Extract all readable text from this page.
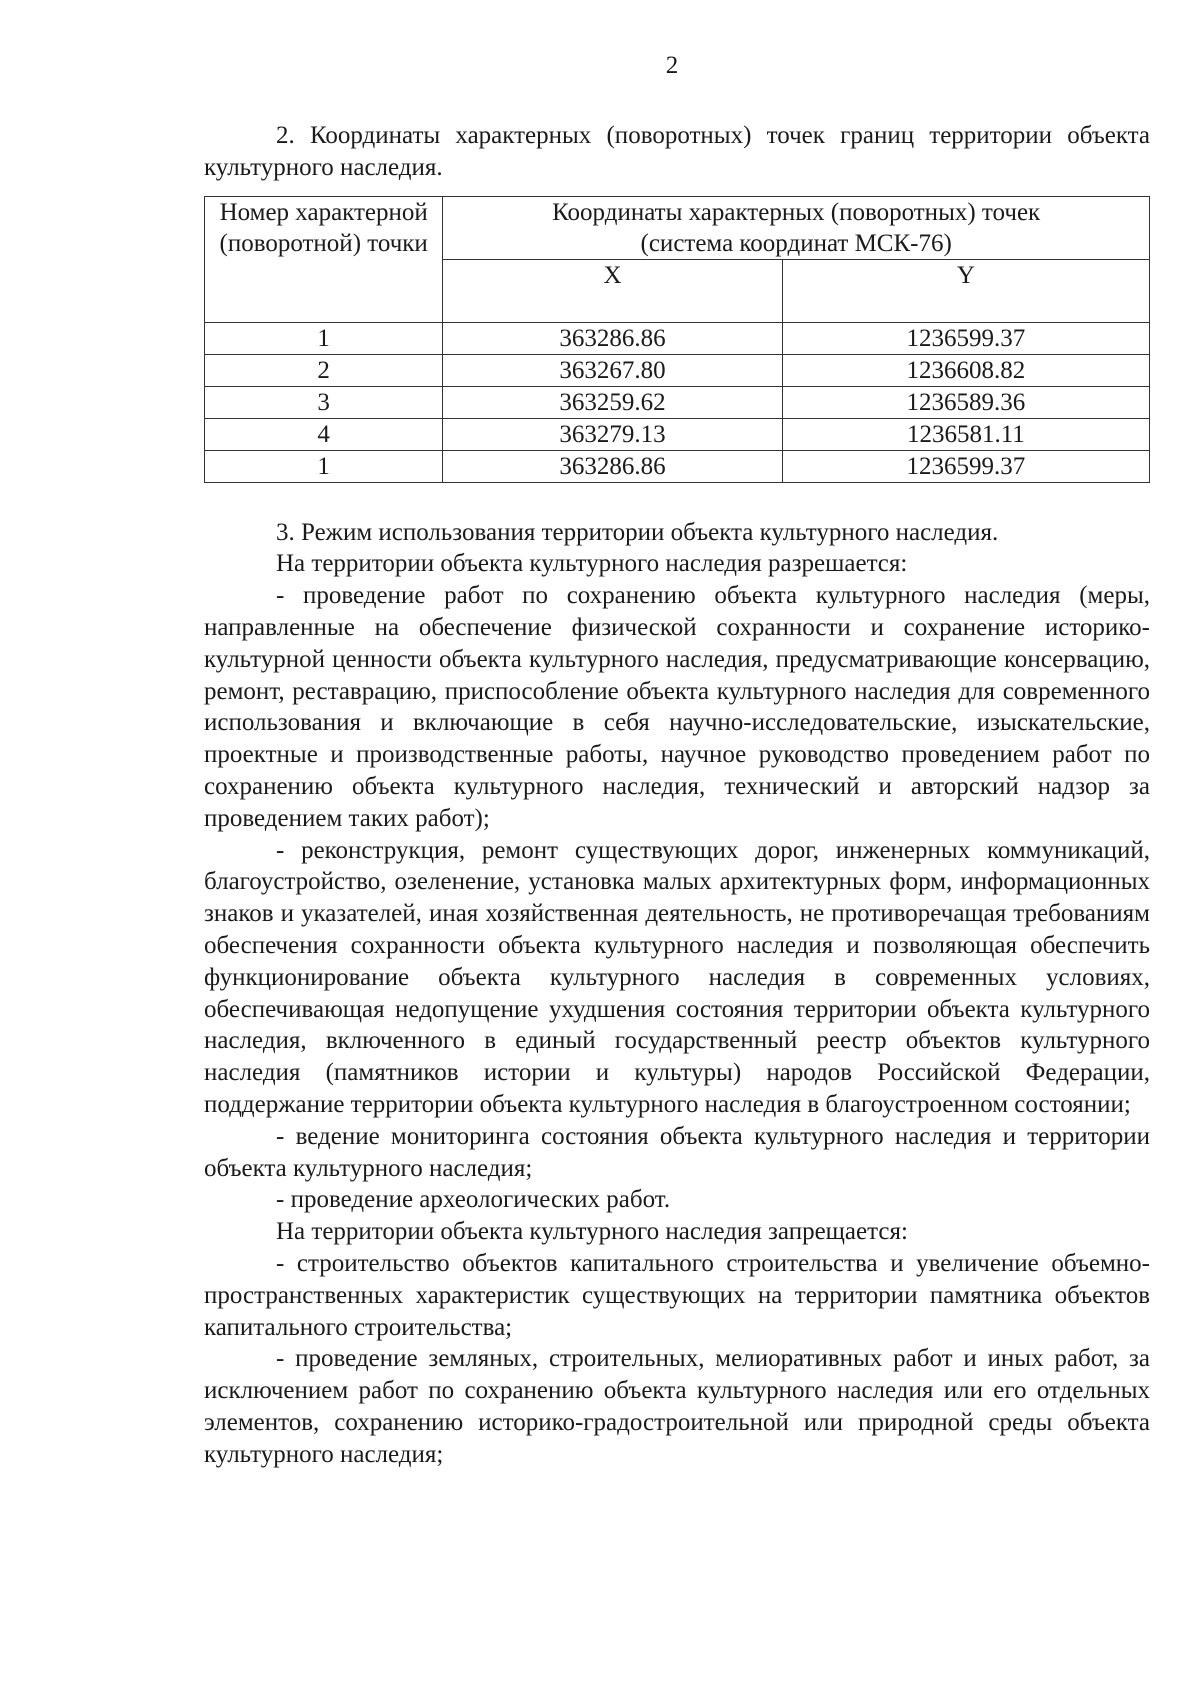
2

2. Координаты характерных (поворотных) точек границ территории объекта культурного наследия.

Номер характерной (поворотной) точки	Координаты характерных (поворотных) точек
(система координат МСК-76)	

	X	Y
1	363286.86	1236599.37
2	363267.80	1236608.82
3	363259.62	1236589.36
4	363279.13	1236581.11
1	363286.86	1236599.37

3. Режим использования территории объекта культурного наследия.

На территории объекта культурного наследия разрешается:

- проведение работ по сохранению объекта культурного наследия (меры, направленные на обеспечение физической сохранности и сохранение историко-культурной ценности объекта культурного наследия, предусматривающие консервацию, ремонт, реставрацию, приспособление объекта культурного наследия для современного использования и включающие в себя научно-исследовательские, изыскательские, проектные и производственные работы, научное руководство проведением работ по сохранению объекта культурного наследия, технический и авторский надзор за проведением таких работ);

- реконструкция, ремонт существующих дорог, инженерных коммуникаций, благоустройство, озеленение, установка малых архитектурных форм, информационных знаков и указателей, иная хозяйственная деятельность, не противоречащая требованиям обеспечения сохранности объекта культурного наследия и позволяющая обеспечить функционирование объекта культурного наследия в современных условиях, обеспечивающая недопущение ухудшения состояния территории объекта культурного наследия, включенного в единый государственный реестр объектов культурного наследия (памятников истории и культуры) народов Российской Федерации, поддержание территории объекта культурного наследия в благоустроенном состоянии;

- ведение мониторинга состояния объекта культурного наследия и территории объекта культурного наследия;

- проведение археологических работ.

На территории объекта культурного наследия запрещается:

- строительство объектов капитального строительства и увеличение объемно-пространственных характеристик существующих на территории памятника объектов капитального строительства;

- проведение земляных, строительных, мелиоративных работ и иных работ, за исключением работ по сохранению объекта культурного наследия или его отдельных элементов, сохранению историко-градостроительной или природной среды объекта культурного наследия;
